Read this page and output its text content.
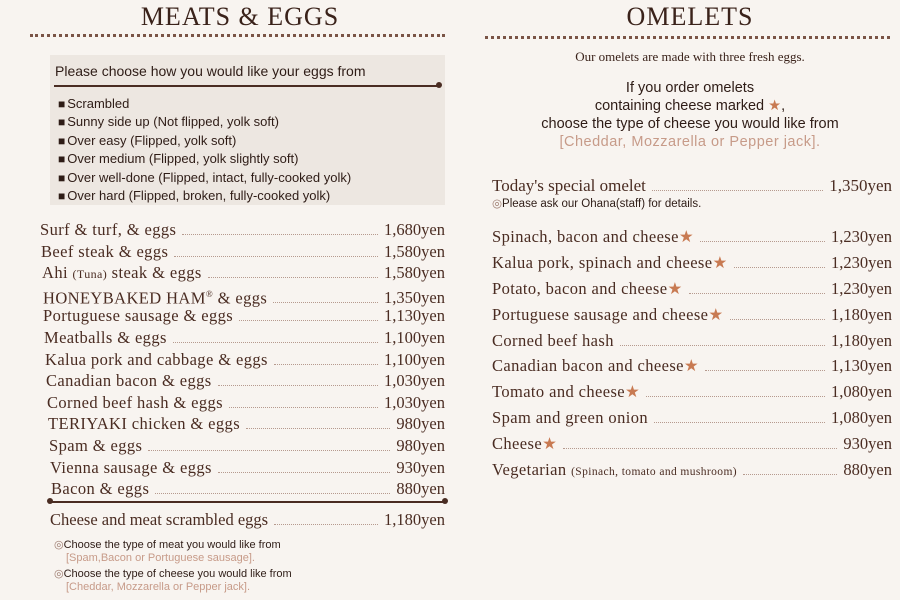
MEATS & EGGS
Please choose how you would like your eggs from
■ Scrambled
■ Sunny side up (Not flipped, yolk soft)
■ Over easy (Flipped, yolk soft)
■ Over medium (Flipped, yolk slightly soft)
■ Over well-done (Flipped, intact, fully-cooked yolk)
■ Over hard (Flipped, broken, fully-cooked yolk)
Surf & turf, & eggs	1,680yen
Beef steak & eggs	1,580yen
Ahi (Tuna) steak & eggs	1,580yen
HONEYBAKED HAM® & eggs	1,350yen
Portuguese sausage & eggs	1,130yen
Meatballs & eggs	1,100yen
Kalua pork and cabbage & eggs	1,100yen
Canadian bacon & eggs	1,030yen
Corned beef hash & eggs	1,030yen
TERIYAKI chicken & eggs	980yen
Spam & eggs	980yen
Vienna sausage & eggs	930yen
Bacon & eggs	880yen
Cheese and meat scrambled eggs	1,180yen
◎Choose the type of meat you would like from
[Spam,Bacon or Portuguese sausage].
◎Choose the type of cheese you would like from
[Cheddar, Mozzarella or Pepper jack].
OMELETS
Our omelets are made with three fresh eggs.
If you order omelets
containing cheese marked ★,
choose the type of cheese you would like from
[Cheddar, Mozzarella or Pepper jack].
Today's special omelet	1,350yen
◎Please ask our Ohana(staff) for details.
Spinach, bacon and cheese★	1,230yen
Kalua pork, spinach and cheese★	1,230yen
Potato, bacon and cheese★	1,230yen
Portuguese sausage and cheese★	1,180yen
Corned beef hash	1,180yen
Canadian bacon and cheese★	1,130yen
Tomato and cheese★	1,080yen
Spam and green onion	1,080yen
Cheese★	930yen
Vegetarian (Spinach, tomato and mushroom)	880yen
